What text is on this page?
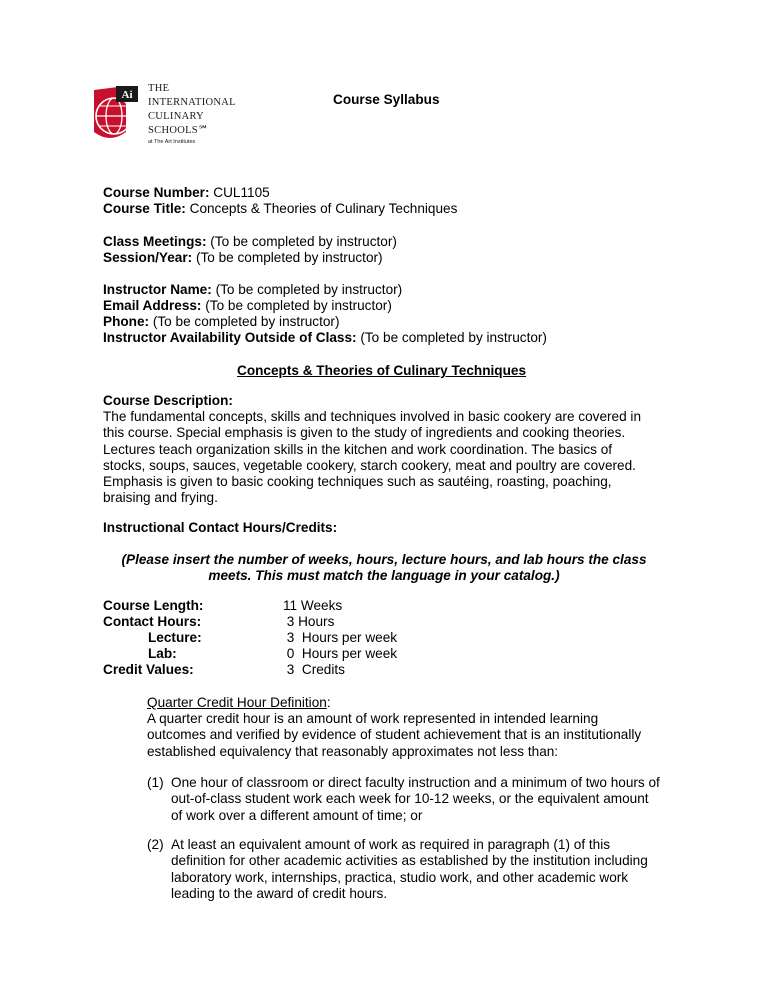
Ai
THE
INTERNATIONAL
CULINARY
SCHOOLS℠
at The Art Institutes
Course Syllabus
Course Number: CUL1105
Course Title: Concepts & Theories of Culinary Techniques
Class Meetings: (To be completed by instructor)
Session/Year: (To be completed by instructor)
Instructor Name: (To be completed by instructor)
Email Address: (To be completed by instructor)
Phone: (To be completed by instructor)
Instructor Availability Outside of Class: (To be completed by instructor)
Concepts & Theories of Culinary Techniques
Course Description:
The fundamental concepts, skills and techniques involved in basic cookery are covered in
this course. Special emphasis is given to the study of ingredients and cooking theories.
Lectures teach organization skills in the kitchen and work coordination. The basics of
stocks, soups, sauces, vegetable cookery, starch cookery, meat and poultry are covered.
Emphasis is given to basic cooking techniques such as sautéing, roasting, poaching,
braising and frying.
Instructional Contact Hours/Credits:
(Please insert the number of weeks, hours, lecture hours, and lab hours the class
meets. This must match the language in your catalog.)
Course Length:	11 Weeks
Contact Hours:	3 Hours
Lecture:	3  Hours per week
Lab:	0  Hours per week
Credit Values:	3  Credits
Quarter Credit Hour Definition:
A quarter credit hour is an amount of work represented in intended learning
outcomes and verified by evidence of student achievement that is an institutionally
established equivalency that reasonably approximates not less than:
(1) One hour of classroom or direct faculty instruction and a minimum of two hours of
out-of-class student work each week for 10-12 weeks, or the equivalent amount
of work over a different amount of time; or
(2) At least an equivalent amount of work as required in paragraph (1) of this
definition for other academic activities as established by the institution including
laboratory work, internships, practica, studio work, and other academic work
leading to the award of credit hours.
